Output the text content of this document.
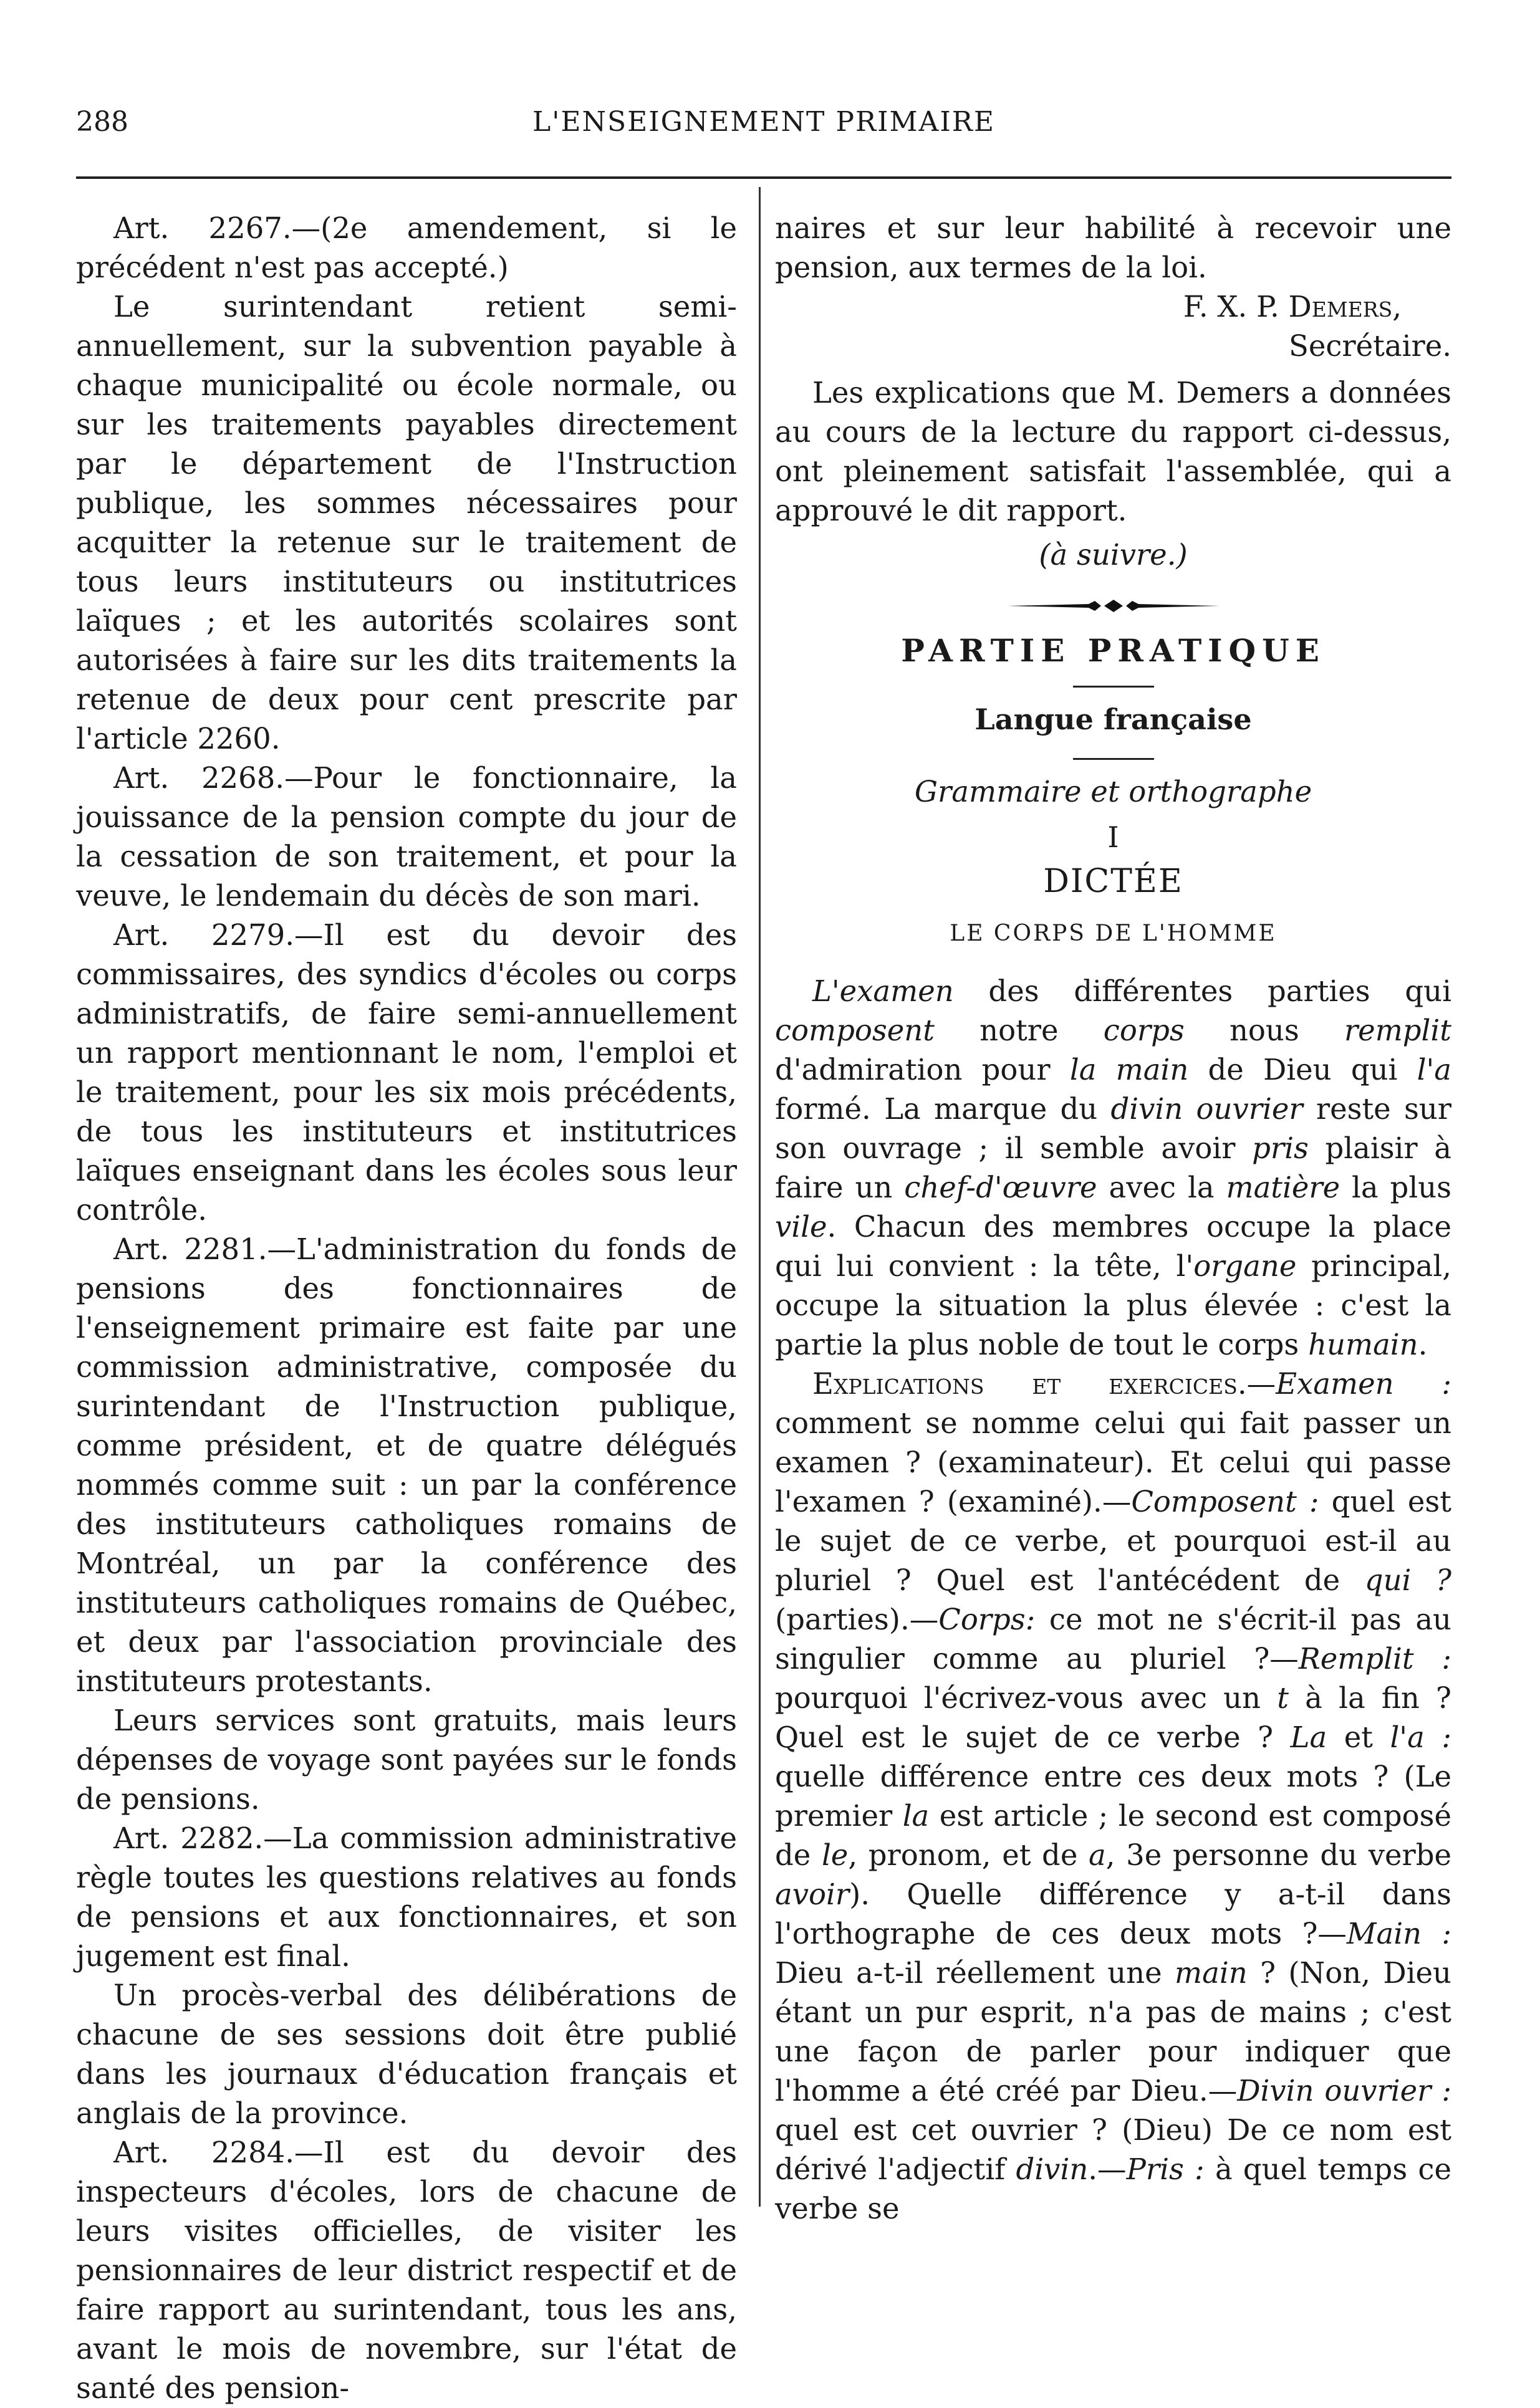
288	L'ENSEIGNEMENT PRIMAIRE

Art. 2267.—(2e amendement, si le précédent n'est pas accepté.)

Le surintendant retient semi-annuellement, sur la subvention payable à chaque municipalité ou école normale, ou sur les traitements payables directement par le département de l'Instruction publique, les sommes nécessaires pour acquitter la retenue sur le traitement de tous leurs instituteurs ou institutrices laïques ; et les autorités scolaires sont autorisées à faire sur les dits traitements la retenue de deux pour cent prescrite par l'article 2260.

Art. 2268.—Pour le fonctionnaire, la jouissance de la pension compte du jour de la cessation de son traitement, et pour la veuve, le lendemain du décès de son mari.

Art. 2279.—Il est du devoir des commissaires, des syndics d'écoles ou corps administratifs, de faire semi-annuellement un rapport mentionnant le nom, l'emploi et le traitement, pour les six mois précédents, de tous les instituteurs et institutrices laïques enseignant dans les écoles sous leur contrôle.

Art. 2281.—L'administration du fonds de pensions des fonctionnaires de l'enseignement primaire est faite par une commission administrative, composée du surintendant de l'Instruction publique, comme président, et de quatre délégués nommés comme suit : un par la conférence des instituteurs catholiques romains de Montréal, un par la conférence des instituteurs catholiques romains de Québec, et deux par l'association provinciale des instituteurs protestants.

Leurs services sont gratuits, mais leurs dépenses de voyage sont payées sur le fonds de pensions.

Art. 2282.—La commission administrative règle toutes les questions relatives au fonds de pensions et aux fonctionnaires, et son jugement est final.

Un procès-verbal des délibérations de chacune de ses sessions doit être publié dans les journaux d'éducation français et anglais de la province.

Art. 2284.—Il est du devoir des inspecteurs d'écoles, lors de chacune de leurs visites officielles, de visiter les pensionnaires de leur district respectif et de faire rapport au surintendant, tous les ans, avant le mois de novembre, sur l'état de santé des pension-

naires et sur leur habilité à recevoir une pension, aux termes de la loi.

F. X. P. Demers,

Secrétaire.

Les explications que M. Demers a données au cours de la lecture du rapport ci-dessus, ont pleinement satisfait l'assemblée, qui a approuvé le dit rapport.

(à suivre.)

PARTIE PRATIQUE

Langue française

Grammaire et orthographe

I

DICTÉE

LE CORPS DE L'HOMME

L'examen des différentes parties qui composent notre corps nous remplit d'admiration pour la main de Dieu qui l'a formé. La marque du divin ouvrier reste sur son ouvrage ; il semble avoir pris plaisir à faire un chef-d'œuvre avec la matière la plus vile. Chacun des membres occupe la place qui lui convient : la tête, l'organe principal, occupe la situation la plus élevée : c'est la partie la plus noble de tout le corps humain.

Explications et exercices.—Examen : comment se nomme celui qui fait passer un examen ? (examinateur). Et celui qui passe l'examen ? (examiné).—Composent : quel est le sujet de ce verbe, et pourquoi est-il au pluriel ? Quel est l'antécédent de qui ? (parties).—Corps: ce mot ne s'écrit-il pas au singulier comme au pluriel ?—Remplit : pourquoi l'écrivez-vous avec un t à la fin ? Quel est le sujet de ce verbe ? La et l'a : quelle différence entre ces deux mots ? (Le premier la est article ; le second est composé de le, pronom, et de a, 3e personne du verbe avoir). Quelle différence y a-t-il dans l'orthographe de ces deux mots ?—Main : Dieu a-t-il réellement une main ? (Non, Dieu étant un pur esprit, n'a pas de mains ; c'est une façon de parler pour indiquer que l'homme a été créé par Dieu.—Divin ouvrier : quel est cet ouvrier ? (Dieu) De ce nom est dérivé l'adjectif divin.—Pris : à quel temps ce verbe se
